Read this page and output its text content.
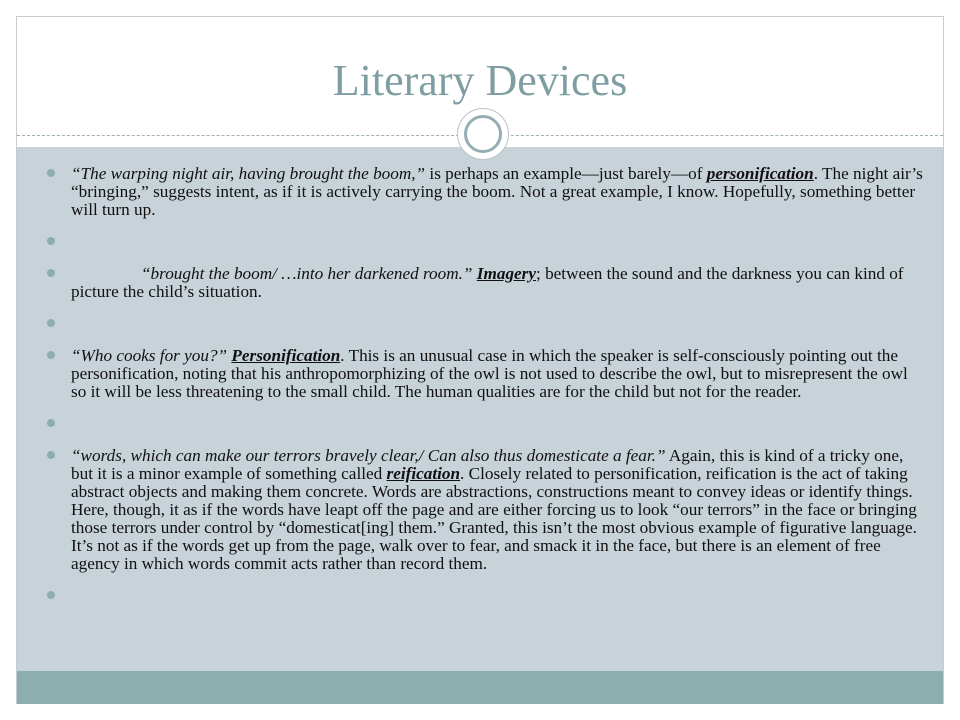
Literary Devices
“The warping night air, having brought the boom,” is perhaps an example—just barely—of personification. The night air’s “bringing,” suggests intent, as if it is actively carrying the boom. Not a great example, I know. Hopefully, something better will turn up.
“brought the boom/ …into her darkened room.” Imagery; between the sound and the darkness you can kind of picture the child’s situation.
“Who cooks for you?” Personification. This is an unusual case in which the speaker is self-consciously pointing out the personification, noting that his anthropomorphizing of the owl is not used to describe the owl, but to misrepresent the owl so it will be less threatening to the small child. The human qualities are for the child but not for the reader.
“words, which can make our terrors bravely clear,/ Can also thus domesticate a fear.” Again, this is kind of a tricky one, but it is a minor example of something called reification. Closely related to personification, reification is the act of taking abstract objects and making them concrete. Words are abstractions, constructions meant to convey ideas or identify things. Here, though, it as if the words have leapt off the page and are either forcing us to look “our terrors” in the face or bringing those terrors under control by “domesticat[ing] them.” Granted, this isn’t the most obvious example of figurative language. It’s not as if the words get up from the page, walk over to fear, and smack it in the face, but there is an element of free agency in which words commit acts rather than record them.
